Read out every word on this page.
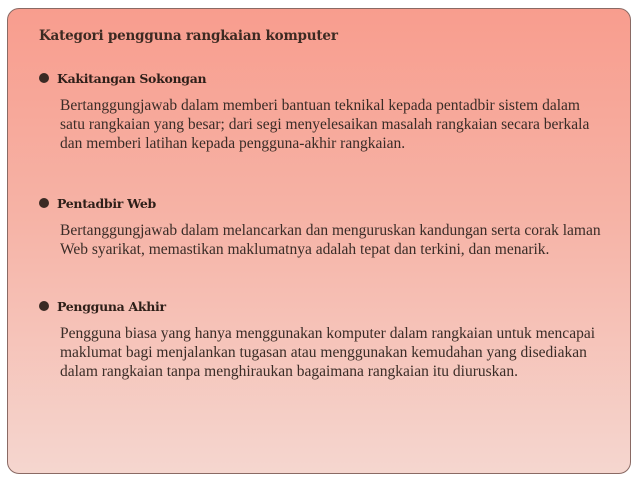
Kategori pengguna rangkaian komputer
Kakitangan Sokongan
Bertanggungjawab dalam memberi bantuan teknikal kepada pentadbir sistem dalam satu rangkaian yang besar; dari segi menyelesaikan masalah rangkaian secara berkala dan memberi latihan kepada pengguna-akhir rangkaian.
Pentadbir Web
Bertanggungjawab dalam melancarkan dan menguruskan kandungan serta corak laman Web syarikat, memastikan maklumatnya adalah tepat dan terkini, dan menarik.
Pengguna Akhir
Pengguna biasa yang hanya menggunakan komputer dalam rangkaian untuk mencapai maklumat bagi menjalankan tugasan atau menggunakan kemudahan yang disediakan dalam rangkaian tanpa menghiraukan bagaimana rangkaian itu diuruskan.
